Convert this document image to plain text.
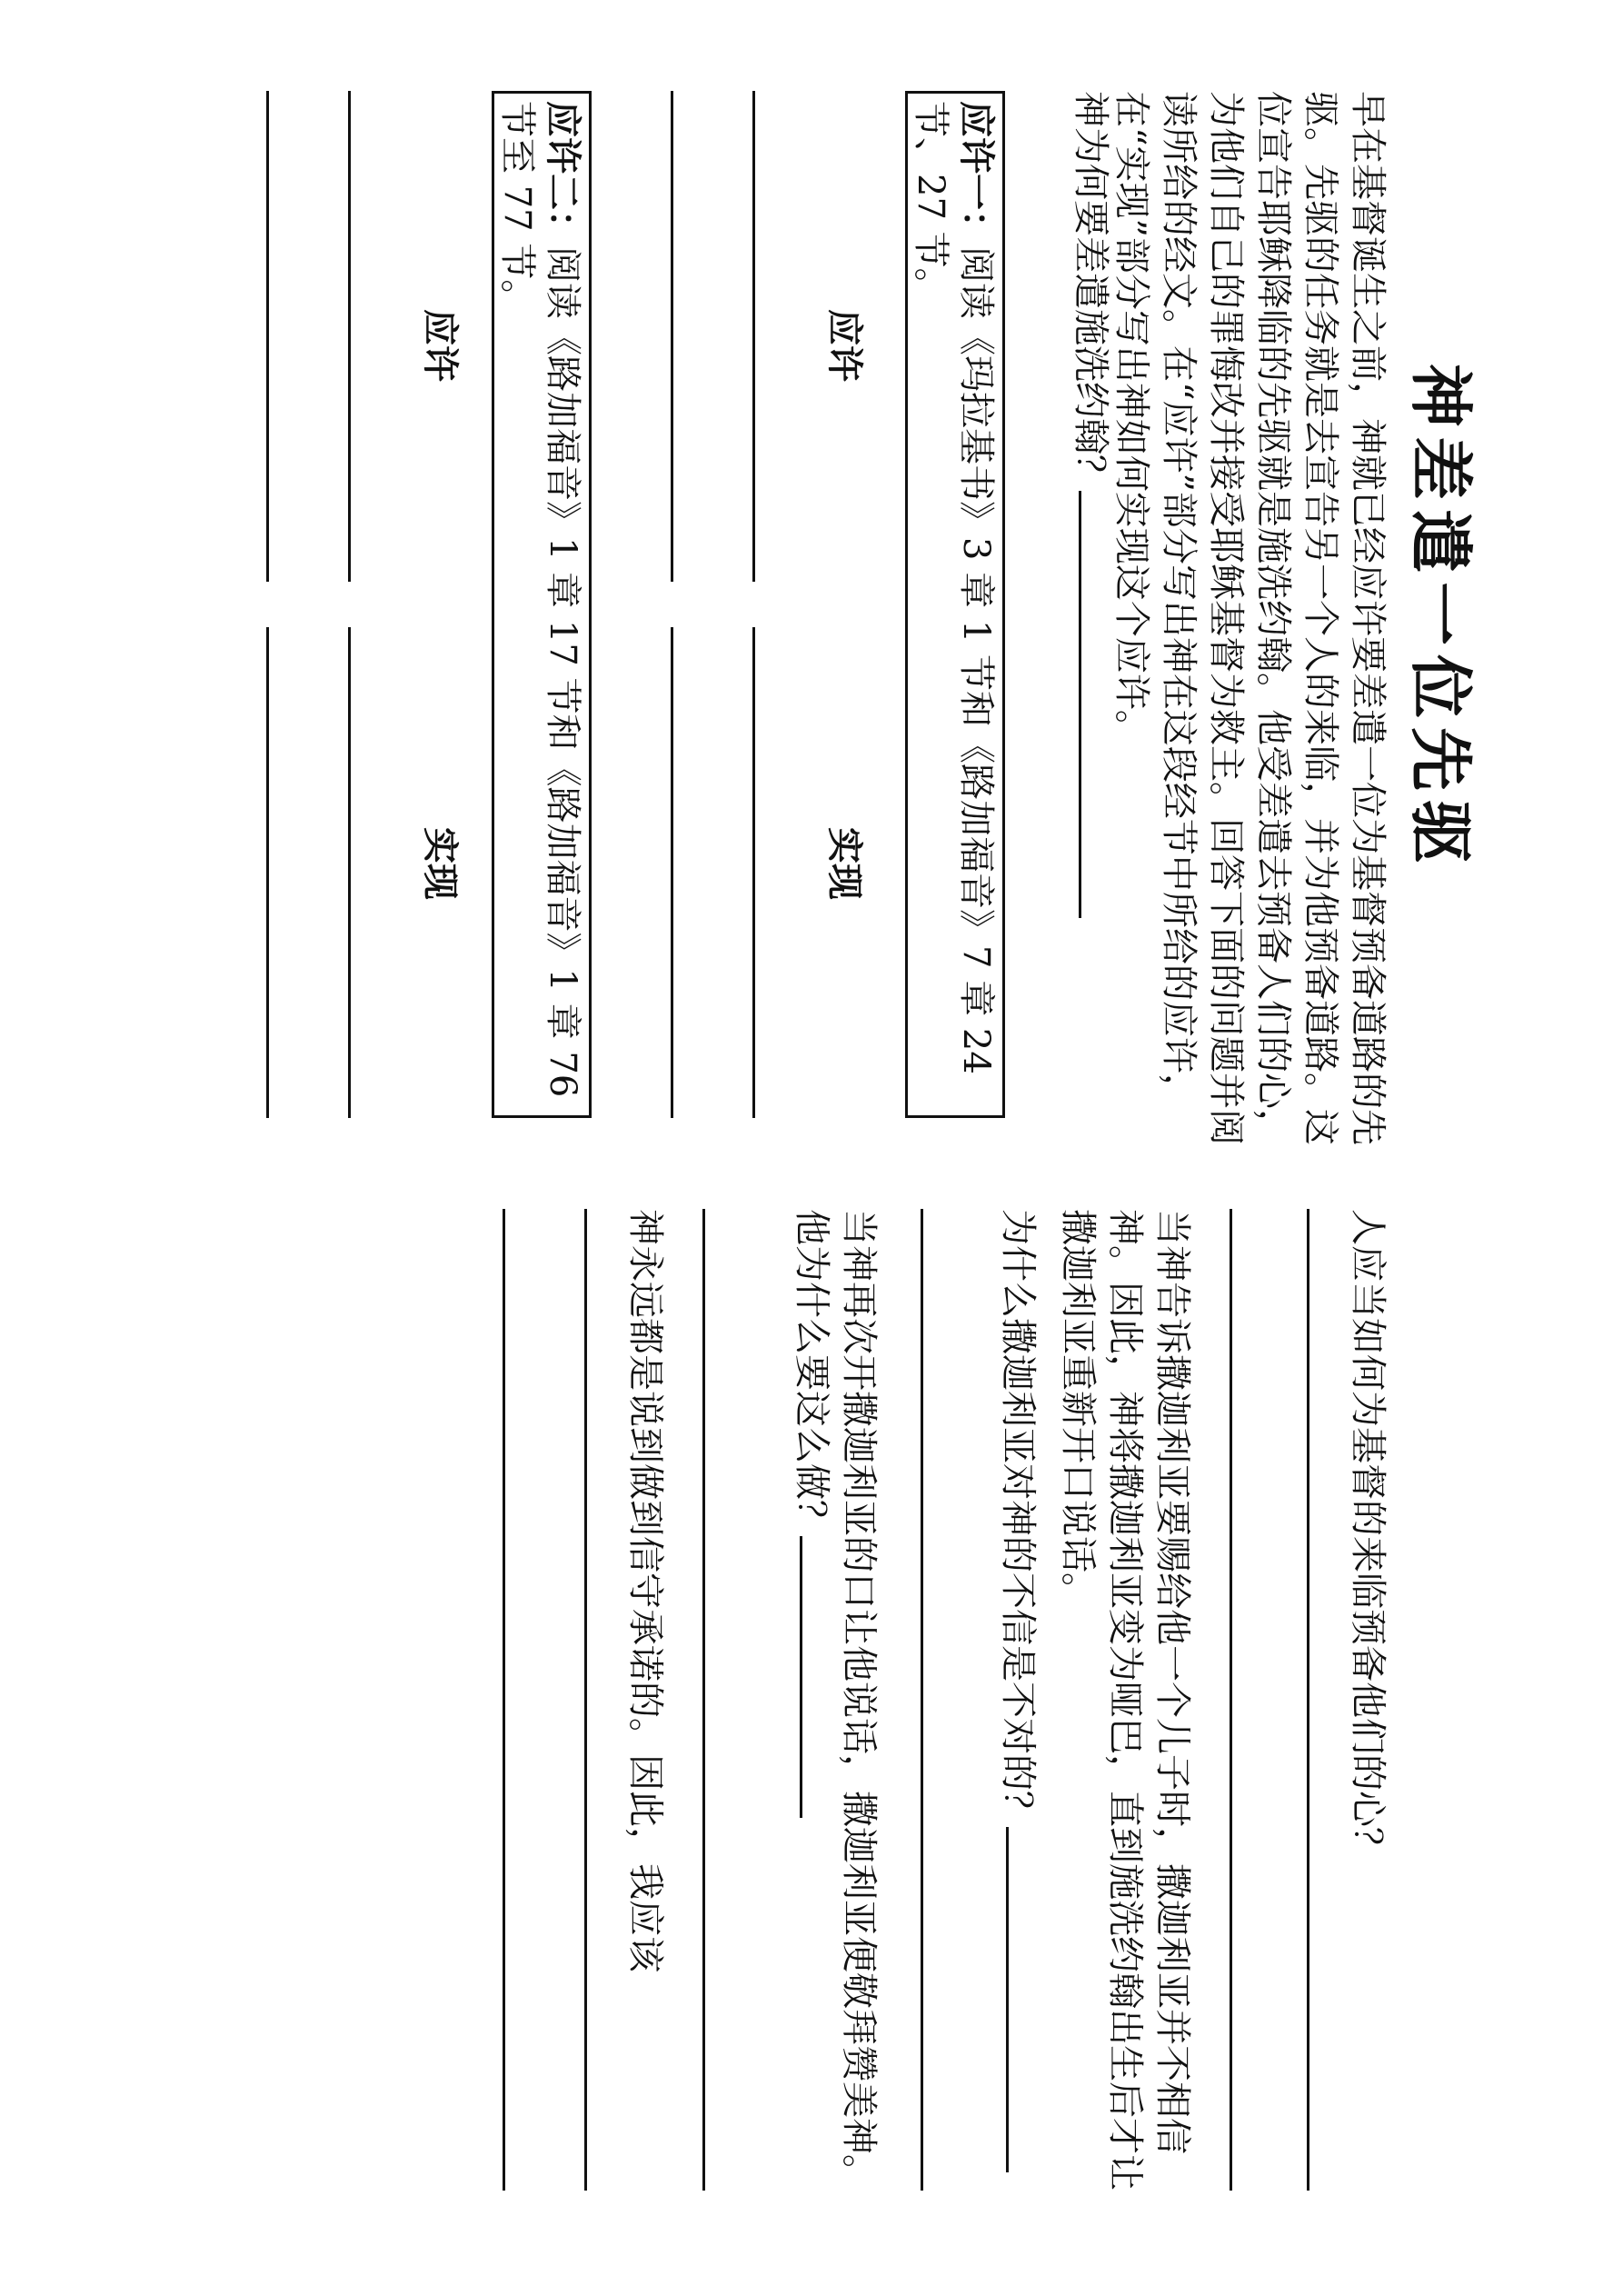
神差遣一位先驱

早在基督诞生之前，神就已经应许要差遣一位为基督预备道路的先驱。先驱的任务就是去宣告另一个人的来临，并为他预备道路。这位宣告耶稣降临的先驱就是施洗约翰。他受差遣去预备人们的心，为他们自己的罪悔改并接受耶稣基督为救主。回答下面的问题并阅读所给的经文。在“应许”部分写出神在这段经节中所给的应许，在“实现”部分写出神如何实现这个应许。

神为何要差遣施洗约翰？
应许一：阅读《玛拉基书》3 章 1 节和《路加福音》7 章 24 节、27 节。
应许
实现
应许二：阅读《路加福音》1 章 17 节和《路加福音》1 章 76 节至 77 节。
应许
实现
人应当如何为基督的来临预备他们的心？

当神告诉撒迦利亚要赐给他一个儿子时，撒迦利亚并不相信神。因此，神将撒迦利亚变为哑巴，直到施洗约翰出生后才让撒迦利亚重新开口说话。

为什么撒迦利亚对神的不信是不对的？

当神再次开撒迦利亚的口让他说话，撒迦利亚便敬拜赞美神。他为什么要这么做？

神永远都是说到做到信守承诺的。因此，我应该
